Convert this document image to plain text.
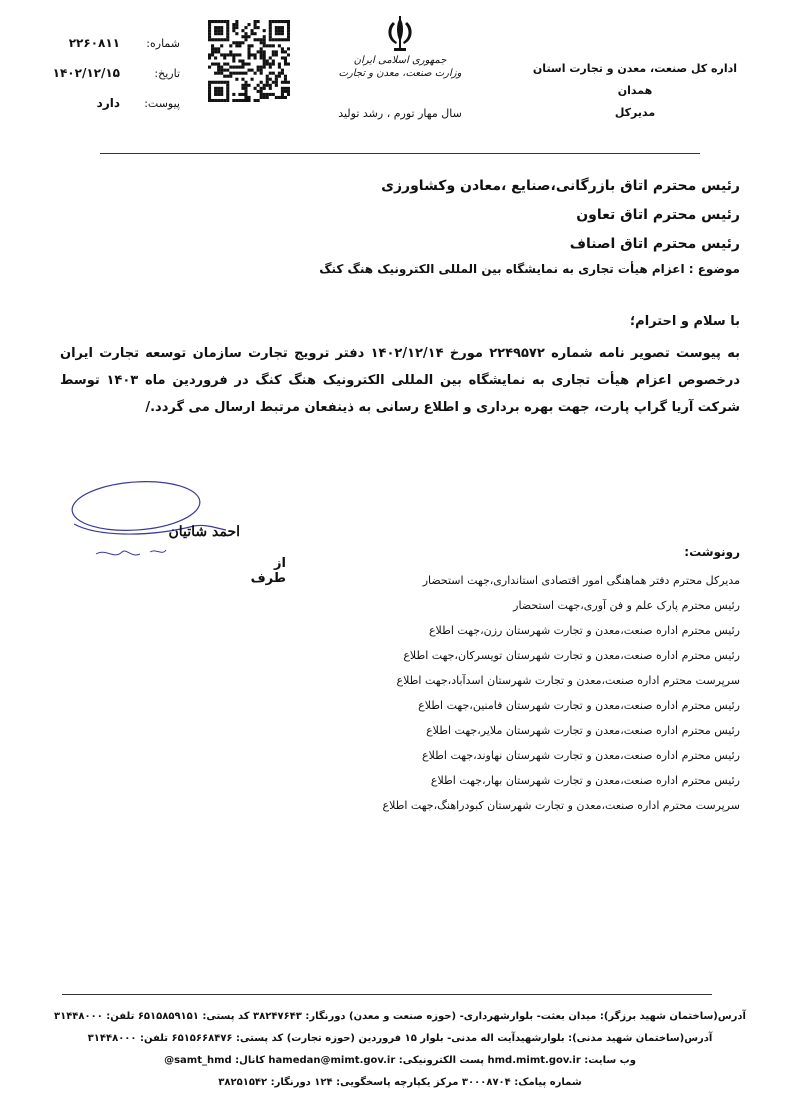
اداره کل صنعت، معدن و تجارت استان همدان
مدیرکل
جمهوری اسلامی ایران
وزارت صنعت، معدن و تجارت
سال مهار تورم ، رشد تولید
شماره:
۲۲۶۰۸۱۱
تاریخ:
۱۴۰۲/۱۲/۱۵
پیوست:
دارد
رئیس محترم اتاق بازرگانی،صنایع ،معادن وکشاورزی
رئیس محترم اتاق تعاون
رئیس محترم اتاق اصناف
موضوع : اعزام هیأت تجاری به نمایشگاه بین المللی الکترونیک هنگ کنگ
با سلام و احترام؛
به پیوست تصویر نامه شماره ۲۲۴۹۵۷۲ مورخ ۱۴۰۲/۱۲/۱۴ دفتر ترویج تجارت سازمان توسعه تجارت ایران درخصوص اعزام هیأت تجاری به نمایشگاه بین المللی الکترونیک هنگ کنگ در فروردین ماه ۱۴۰۳ توسط شرکت آریا گراپ پارت، جهت بهره برداری و اطلاع رسانی به ذینفعان مرتبط ارسال می گردد./
احمد شاتیان
از طرف
رونوشت:
مدیرکل محترم دفتر هماهنگی امور اقتصادی استانداری،جهت استحضار
رئیس محترم پارک علم و فن آوری،جهت استحضار
رئیس محترم اداره صنعت،معدن و تجارت شهرستان رزن،جهت اطلاع
رئیس محترم اداره صنعت،معدن و تجارت شهرستان تویسرکان،جهت اطلاع
سرپرست محترم اداره صنعت،معدن و تجارت شهرستان اسدآباد،جهت اطلاع
رئیس محترم اداره صنعت،معدن و تجارت شهرستان فامنین،جهت اطلاع
رئیس محترم اداره صنعت،معدن و تجارت شهرستان ملایر،جهت اطلاع
رئیس محترم اداره صنعت،معدن و تجارت شهرستان نهاوند،جهت اطلاع
رئیس محترم اداره صنعت،معدن و تجارت شهرستان بهار،جهت اطلاع
سرپرست محترم اداره صنعت،معدن و تجارت شهرستان کبودراهنگ،جهت اطلاع
آدرس(ساختمان شهید برزگر): میدان بعثت- بلوارشهرداری- (حوزه صنعت و معدن) دورنگار: ۳۸۲۴۷۶۴۳ کد پستی: ۶۵۱۵۸۵۹۱۵۱ تلفن: ۳۱۴۴۸۰۰۰
آدرس(ساختمان شهید مدنی): بلوارشهیدآیت اله مدنی- بلوار ۱۵ فروردین (حوزه تجارت) کد پستی: ۶۵۱۵۶۶۸۴۷۶ تلفن: ۳۱۴۴۸۰۰۰
وب سایت: hmd.mimt.gov.ir پست الکترونیکی: hamedan@mimt.gov.ir کانال: samt_hmd@
شماره پیامک: ۳۰۰۰۸۷۰۴ مرکز یکپارچه پاسخگویی: ۱۲۴ دورنگار: ۳۸۲۵۱۵۴۲
